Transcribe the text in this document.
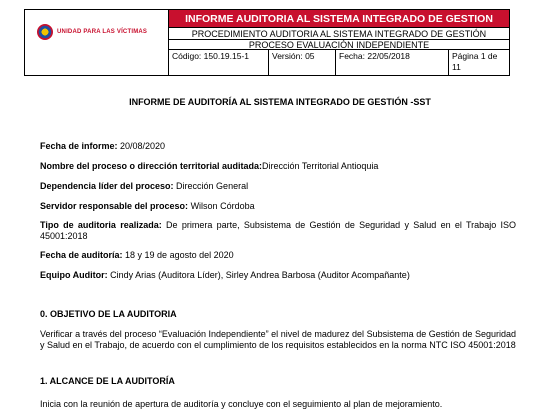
UNIDAD PARA LAS VÍCTIMAS
INFORME AUDITORIA AL SISTEMA INTEGRADO DE GESTION
PROCEDIMIENTO AUDITORIA AL SISTEMA INTEGRADO DE GESTIÓN
PROCESO EVALUACIÓN INDEPENDIENTE
Código: 150.19.15-1	Versión: 05	Fecha: 22/05/2018	Página 1 de 11
INFORME DE AUDITORÍA AL SISTEMA INTEGRADO DE GESTIÓN -SST
Fecha de informe: 20/08/2020
Nombre del proceso o dirección territorial auditada:Dirección Territorial Antioquia
Dependencia líder del proceso: Dirección General
Servidor responsable del proceso: Wilson Córdoba
Tipo de auditoria realizada: De primera parte, Subsistema de Gestión de Seguridad y Salud en el Trabajo ISO 45001:2018
Fecha de auditoría: 18 y 19 de agosto del 2020
Equipo Auditor: Cindy Arias (Auditora Líder), Sirley Andrea Barbosa (Auditor Acompañante)
0. OBJETIVO DE LA AUDITORIA
Verificar a través del proceso “Evaluación Independiente” el nivel de madurez del Subsistema de Gestión de Seguridad y Salud en el Trabajo, de acuerdo con el cumplimiento de los requisitos establecidos en la norma NTC ISO 45001:2018
1. ALCANCE DE LA AUDITORÍA
Inicia con la reunión de apertura de auditoría y concluye con el seguimiento al plan de mejoramiento.
